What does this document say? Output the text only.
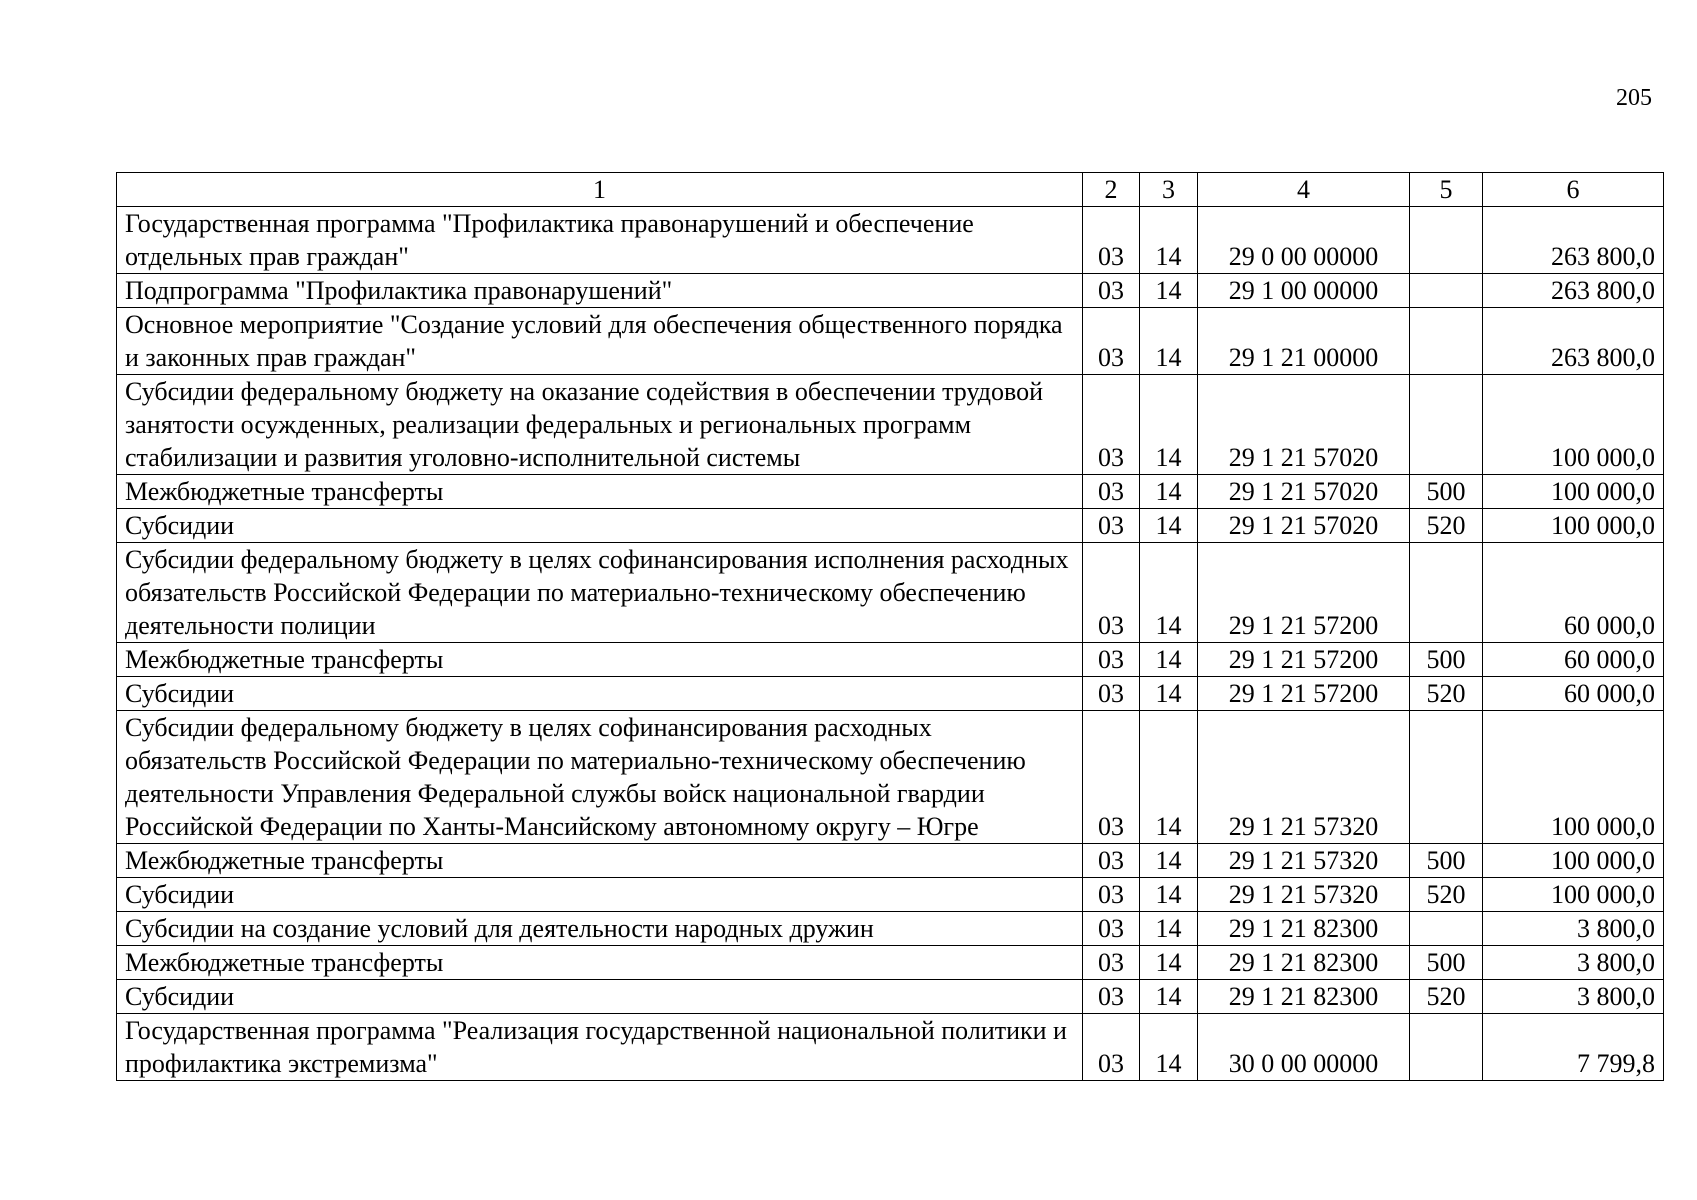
205
1	2	3	4	5	6
Государственная программа "Профилактика правонарушений и обеспечение отдельных прав граждан"	03	14	29 0 00 00000		263 800,0
Подпрограмма "Профилактика правонарушений"	03	14	29 1 00 00000		263 800,0
Основное мероприятие "Создание условий для обеспечения общественного порядка и законных прав граждан"	03	14	29 1 21 00000		263 800,0
Субсидии федеральному бюджету на оказание содействия в обеспечении трудовой занятости осужденных, реализации федеральных и региональных программ стабилизации и развития уголовно-исполнительной системы	03	14	29 1 21 57020		100 000,0
Межбюджетные трансферты	03	14	29 1 21 57020	500	100 000,0
Субсидии	03	14	29 1 21 57020	520	100 000,0
Субсидии федеральному бюджету в целях софинансирования исполнения расходных обязательств Российской Федерации по материально-техническому обеспечению деятельности полиции	03	14	29 1 21 57200		60 000,0
Межбюджетные трансферты	03	14	29 1 21 57200	500	60 000,0
Субсидии	03	14	29 1 21 57200	520	60 000,0
Субсидии федеральному бюджету в целях софинансирования расходных обязательств Российской Федерации по материально-техническому обеспечению деятельности Управления Федеральной службы войск национальной гвардии Российской Федерации по Ханты-Мансийскому автономному округу – Югре	03	14	29 1 21 57320		100 000,0
Межбюджетные трансферты	03	14	29 1 21 57320	500	100 000,0
Субсидии	03	14	29 1 21 57320	520	100 000,0
Субсидии на создание условий для деятельности народных дружин	03	14	29 1 21 82300		3 800,0
Межбюджетные трансферты	03	14	29 1 21 82300	500	3 800,0
Субсидии	03	14	29 1 21 82300	520	3 800,0
Государственная программа "Реализация государственной национальной политики и профилактика экстремизма"	03	14	30 0 00 00000		7 799,8
